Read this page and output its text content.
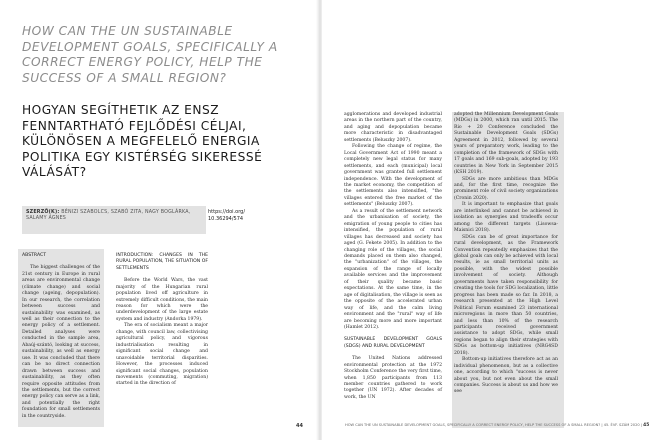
HOW CAN THE UN SUSTAINABLE DEVELOPMENT GOALS, SPECIFICALLY A CORRECT ENERGY POLICY, HELP THE SUCCESS OF A SMALL REGION?
HOGYAN SEGÍTHETIK AZ ENSZ FENNTARTHATÓ FEJLŐDÉSI CÉLJAI, KÜLÖNÖSEN A MEGFELELŐ ENERGIA POLITIKA EGY KISTÉRSÉG SIKERESSÉ VÁLÁSÁT?
SZERZŐ(K): BÉNIZI SZABOLCS, SZABÓ ZITA, NAGY BOGLÁRKA, SALAMY ÁGNES
https://doi.org/
10.36294/574

ABSTRACT

The biggest challenges of the 21st century in Europe in rural areas are environmental change (climate change) and social change (ageing, depopulation). In our research, the correlation between success and sustainability was examined, as well as their connection to the energy policy of a settlement. Detailed analyses were conducted in the sample area, Abaúj-szántó, looking at success, sustainability, as well as energy use. It was concluded that there can be no direct connection drawn between success and sustainability, as they often require opposite attitudes from the settlements, but the correct energy policy can serve as a link, and potentially the right foundation for small settlements in the countryside.

INTRODUCTION: CHANGES IN THE RURAL POPULATION, THE SITUATION OF SETTLEMENTS

Before the World Wars, the vast majority of the Hungarian rural population lived off agriculture in extremely difficult conditions, the main reason for which were the underdevelopment of the large estate system and industry (Andorka 1979).

The era of socialism meant a major change, with council law, collectivising agricultural policy, and vigorous industrialisation resulting in significant social change and unavoidable territorial disparities. However, the processes induced significant social changes, population movements (commuting, migration) started in the direction of

44

agglomerations and developed industrial areas in the northern part of the country, and aging and depopulation became more characteristic in disadvantaged settlements (Beluszky 2007).

Following the change of regime, the Local Government Act of 1990 meant a completely new legal status for many settlements, and each (municipal) local government was granted full settlement independence. With the development of the market economy, the competition of the settlements also intensified, "the villages entered the free market of the settlements" (Beluszky 2007).

As a result of the settlement network and the urbanisation of society, the emigration of young people to cities has intensified, the population of rural villages has decreased and society has aged (G. Fekete 2005). In addition to the changing role of the villages, the social demands placed on them also changed, the "urbanization" of the villages, the expansion of the range of locally available services and the improvement of their quality became basic expectations. At the same time, in the age of digitalisation, the village is seen as the opposite of the accelerated urban way of life, and the calm living environment and the "rural" way of life are becoming more and more important (Hamlet 2012).

SUSTAINABLE DEVELOPMENT GOALS (SDGS) AND RURAL DEVELOPMENT

The United Nations addressed environmental protection at the 1972 Stockholm Conference the very first time, when 1,850 participants from 113 member countries gathered to work together (UN 1972). After decades of work, the UN

adopted the Millennium Development Goals (MDGs) in 2000, which ran until 2015. The Rio + 20 Conference concluded the Sustainable Development Goals (SDGs) Agreement in 2012, followed by several years of preparatory work, leading to the completion of the framework of SDGs with 17 goals and 169 sub-goals, adopted by 193 countries in New York in September 2015 (KSH 2019).

SDGs are more ambitious than MDGs and, for the first time, recognize the prominent role of civil society organizations (Cronin 2020).

It is important to emphasize that goals are interlinked and cannot be achieved in isolation as synergies and tradeoffs occur among the different targets (Lisowsa-Maisnici 2018).

SDGs can be of great importance for rural development, as the Framework Convention repeatedly emphasizes that the global goals can only be achieved with local results, ie as small territorial units as possible, with the widest possible involvement of society. Although governments have taken responsibility for creating the tools for SDG localization, little progress has been made so far. In 2018, a research presented at the High Level Political Forum examined 23 international microregions in more than 50 countries, and less than 10% of the research participants received government assistance to adopt SDGs, while small regions began to align their strategies with SDGs as bottom-up initiatives (NRG4SD 2018).

Bottom-up initiatives therefore act as an individual phenomenon, but as a collective one, according to which "success is never about you, but not even about the small companies. Success is about us and how we see

HOW CAN THE UN SUSTAINABLE DEVELOPMENT GOALS, SPECIFICALLY A CORRECT ENERGY POLICY, HELP THE SUCCESS OF A SMALL REGION? | 45. ÉVF. SZÁM 2020 | 45
